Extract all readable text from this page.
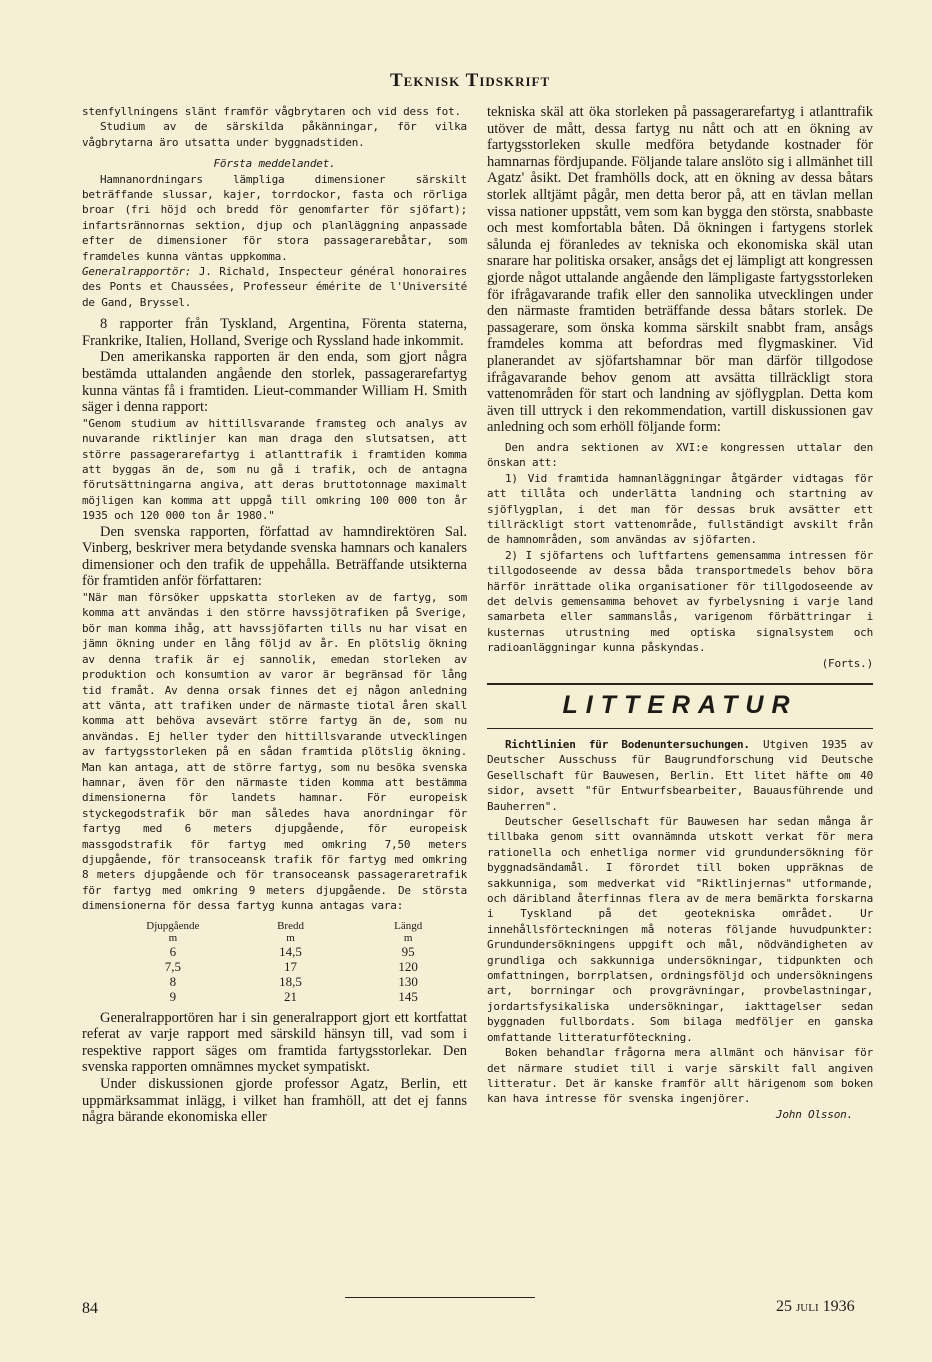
Teknisk Tidskrift

stenfyllningens slänt framför vågbrytaren och vid dess fot.

Studium av de särskilda påkänningar, för vilka vågbrytarna äro utsatta under byggnadstiden.

Första meddelandet.

Hamnanordningars lämpliga dimensioner särskilt beträffande slussar, kajer, torrdockor, fasta och rörliga broar (fri höjd och bredd för genomfarter för sjöfart); infartsrännornas sektion, djup och planläggning anpassade efter de dimensioner för stora passagerarebåtar, som framdeles kunna väntas uppkomma.

Generalrapportör: J. Richald, Inspecteur général honoraires des Ponts et Chaussées, Professeur émérite de l'Université de Gand, Bryssel.

8 rapporter från Tyskland, Argentina, Förenta staterna, Frankrike, Italien, Holland, Sverige och Ryssland hade inkommit.

Den amerikanska rapporten är den enda, som gjort några bestämda uttalanden angående den storlek, passagerarefartyg kunna väntas få i framtiden. Lieut-commander William H. Smith säger i denna rapport:

"Genom studium av hittillsvarande framsteg och analys av nuvarande riktlinjer kan man draga den slutsatsen, att större passagerarefartyg i atlanttrafik i framtiden komma att byggas än de, som nu gå i trafik, och de antagna förutsättningarna angiva, att deras bruttotonnage maximalt möjligen kan komma att uppgå till omkring 100 000 ton år 1935 och 120 000 ton år 1980."

Den svenska rapporten, författad av hamndirektören Sal. Vinberg, beskriver mera betydande svenska hamnars och kanalers dimensioner och den trafik de uppehålla. Beträffande utsikterna för framtiden anför författaren:

"När man försöker uppskatta storleken av de fartyg, som komma att användas i den större havssjötrafiken på Sverige, bör man komma ihåg, att havssjöfarten tills nu har visat en jämn ökning under en lång följd av år. En plötslig ökning av denna trafik är ej sannolik, emedan storleken av produktion och konsumtion av varor är begränsad för lång tid framåt. Av denna orsak finnes det ej någon anledning att vänta, att trafiken under de närmaste tiotal åren skall komma att behöva avsevärt större fartyg än de, som nu användas. Ej heller tyder den hittillsvarande utvecklingen av fartygsstorleken på en sådan framtida plötslig ökning. Man kan antaga, att de större fartyg, som nu besöka svenska hamnar, även för den närmaste tiden komma att bestämma dimensionerna för landets hamnar. För europeisk styckegodstrafik bör man således hava anordningar för fartyg med 6 meters djupgående, för europeisk massgodstrafik för fartyg med omkring 7,50 meters djupgående, för transoceansk trafik för fartyg med omkring 8 meters djupgående och för transoceansk passageraretrafik för fartyg med omkring 9 meters djupgående. De största dimensionerna för dessa fartyg kunna antagas vara:

Djupgående	Bredd	Längd
m	m	m
6	14,5	95
7,5	17	120
8	18,5	130
9	21	145

Generalrapportören har i sin generalrapport gjort ett kortfattat referat av varje rapport med särskild hänsyn till, vad som i respektive rapport säges om framtida fartygsstorlekar. Den svenska rapporten omnämnes mycket sympatiskt.

Under diskussionen gjorde professor Agatz, Berlin, ett uppmärksammat inlägg, i vilket han framhöll, att det ej fanns några bärande ekonomiska eller

tekniska skäl att öka storleken på passagerarefartyg i atlanttrafik utöver de mått, dessa fartyg nu nått och att en ökning av fartygsstorleken skulle medföra betydande kostnader för hamnarnas fördjupande. Följande talare anslöto sig i allmänhet till Agatz' åsikt. Det framhölls dock, att en ökning av dessa båtars storlek alltjämt pågår, men detta beror på, att en tävlan mellan vissa nationer uppstått, vem som kan bygga den största, snabbaste och mest komfortabla båten. Då ökningen i fartygens storlek sålunda ej föranledes av tekniska och ekonomiska skäl utan snarare har politiska orsaker, ansågs det ej lämpligt att kongressen gjorde något uttalande angående den lämpligaste fartygsstorleken för ifrågavarande trafik eller den sannolika utvecklingen under den närmaste framtiden beträffande dessa båtars storlek. De passagerare, som önska komma särskilt snabbt fram, ansågs framdeles komma att befordras med flygmaskiner. Vid planerandet av sjöfartshamnar bör man därför tillgodose ifrågavarande behov genom att avsätta tillräckligt stora vattenområden för start och landning av sjöflygplan. Detta kom även till uttryck i den rekommendation, vartill diskussionen gav anledning och som erhöll följande form:

Den andra sektionen av XVI:e kongressen uttalar den önskan att:

1) Vid framtida hamnanläggningar åtgärder vidtagas för att tillåta och underlätta landning och startning av sjöflygplan, i det man för dessas bruk avsätter ett tillräckligt stort vattenområde, fullständigt avskilt från de hamnområden, som användas av sjöfarten.

2) I sjöfartens och luftfartens gemensamma intressen för tillgodoseende av dessa båda transportmedels behov böra härför inrättade olika organisationer för tillgodoseende av det delvis gemensamma behovet av fyrbelysning i varje land samarbeta eller sammanslås, varigenom förbättringar i kusternas utrustning med optiska signalsystem och radioanläggningar kunna påskyndas.

(Forts.)

LITTERATUR

Richtlinien für Bodenuntersuchungen. Utgiven 1935 av Deutscher Ausschuss für Baugrundforschung vid Deutsche Gesellschaft für Bauwesen, Berlin. Ett litet häfte om 40 sidor, avsett "für Entwurfsbearbeiter, Bauausführende und Bauherren".

Deutscher Gesellschaft für Bauwesen har sedan många år tillbaka genom sitt ovannämnda utskott verkat för mera rationella och enhetliga normer vid grundundersökning för byggnadsändamål. I förordet till boken uppräknas de sakkunniga, som medverkat vid "Riktlinjernas" utformande, och däribland återfinnas flera av de mera bemärkta forskarna i Tyskland på det geotekniska området. Ur innehållsförteckningen må noteras följande huvudpunkter: Grundundersökningens uppgift och mål, nödvändigheten av grundliga och sakkunniga undersökningar, tidpunkten och omfattningen, borrplatsen, ordningsföljd och undersökningens art, borrningar och provgrävningar, provbelastningar, jordartsfysikaliska undersökningar, iakttagelser sedan byggnaden fullbordats. Som bilaga medföljer en ganska omfattande litteraturföteckning.

Boken behandlar frågorna mera allmänt och hänvisar för det närmare studiet till i varje särskilt fall angiven litteratur. Det är kanske framför allt härigenom som boken kan hava intresse för svenska ingenjörer.

John Olsson.

84	25 juli 1936
